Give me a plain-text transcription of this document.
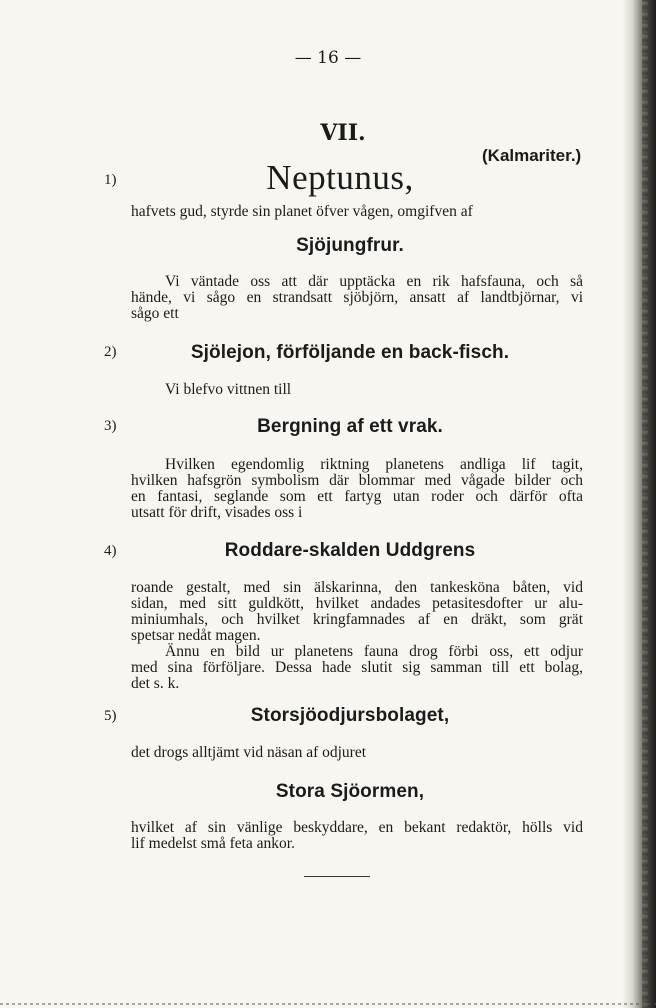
— 16 —
VII.
(Kalmariter.)
1)	Neptunus,
hafvets gud, styrde sin planet öfver vågen, omgifven af
Sjöjungfrur.
Vi väntade oss att där upptäcka en rik hafsfauna, och så
hände, vi sågo en strandsatt sjöbjörn, ansatt af landtbjörnar, vi
sågo ett
2)	Sjölejon, förföljande en back-fisch.
Vi blefvo vittnen till
3)	Bergning af ett vrak.
Hvilken egendomlig riktning planetens andliga lif tagit,
hvilken hafsgrön symbolism där blommar med vågade bilder och
en fantasi, seglande som ett fartyg utan roder och därför ofta
utsatt för drift, visades oss i
4)	Roddare-skalden Uddgrens
roande gestalt, med sin älskarinna, den tankesköna båten, vid
sidan, med sitt guldkött, hvilket andades petasitesdofter ur alu-
miniumhals, och hvilket kringfamnades af en dräkt, som grät
spetsar nedåt magen.
Ännu en bild ur planetens fauna drog förbi oss, ett odjur
med sina förföljare. Dessa hade slutit sig samman till ett bolag,
det s. k.
5)	Storsjöodjursbolaget,
det drogs alltjämt vid näsan af odjuret
Stora Sjöormen,
hvilket af sin vänlige beskyddare, en bekant redaktör, hölls vid
lif medelst små feta ankor.
